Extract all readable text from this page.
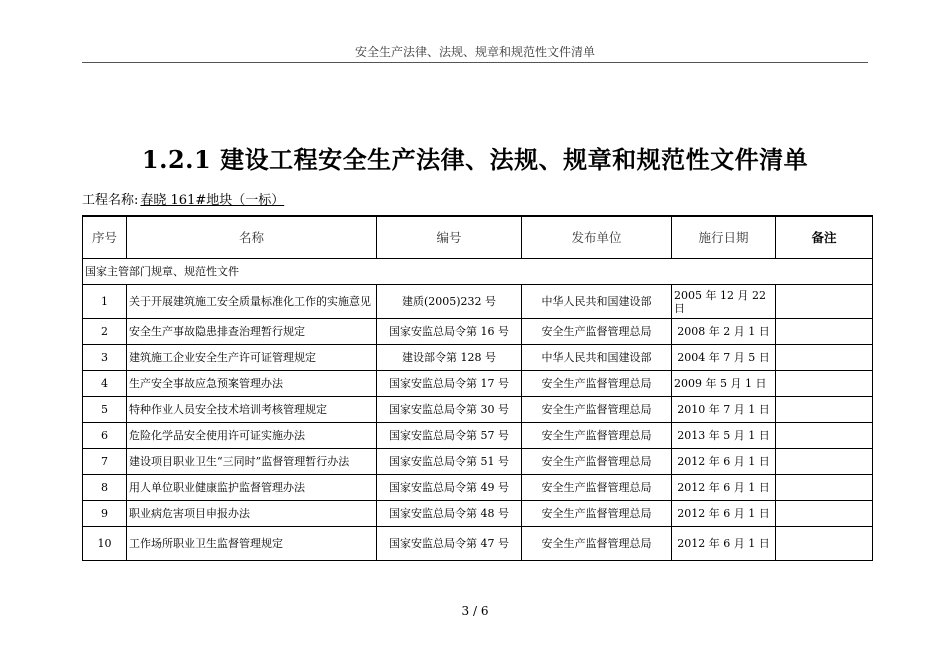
安全生产法律、法规、规章和规范性文件清单
1.2.1 建设工程安全生产法律、法规、规章和规范性文件清单
工程名称: 春晓 161#地块（一标）
序号	名称	编号	发布单位	施行日期	备注
国家主管部门规章、规范性文件					
1	关于开展建筑施工安全质量标准化工作的实施意见	建质(2005)232 号	中华人民共和国建设部	2005 年 12 月 22 日	
2	安全生产事故隐患排查治理暂行规定	国家安监总局令第 16 号	安全生产监督管理总局	2008 年 2 月 1 日	
3	建筑施工企业安全生产许可证管理规定	建设部令第 128 号	中华人民共和国建设部	2004 年 7 月 5 日	
4	生产安全事故应急预案管理办法	国家安监总局令第 17 号	安全生产监督管理总局	2009 年 5 月 1 日	
5	特种作业人员安全技术培训考核管理规定	国家安监总局令第 30 号	安全生产监督管理总局	2010 年 7 月 1 日	
6	危险化学品安全使用许可证实施办法	国家安监总局令第 57 号	安全生产监督管理总局	2013 年 5 月 1 日	
7	建设项目职业卫生“三同时”监督管理暂行办法	国家安监总局令第 51 号	安全生产监督管理总局	2012 年 6 月 1 日	
8	用人单位职业健康监护监督管理办法	国家安监总局令第 49 号	安全生产监督管理总局	2012 年 6 月 1 日	
9	职业病危害项目申报办法	国家安监总局令第 48 号	安全生产监督管理总局	2012 年 6 月 1 日	
10	工作场所职业卫生监督管理规定	国家安监总局令第 47 号	安全生产监督管理总局	2012 年 6 月 1 日	
3 / 6
